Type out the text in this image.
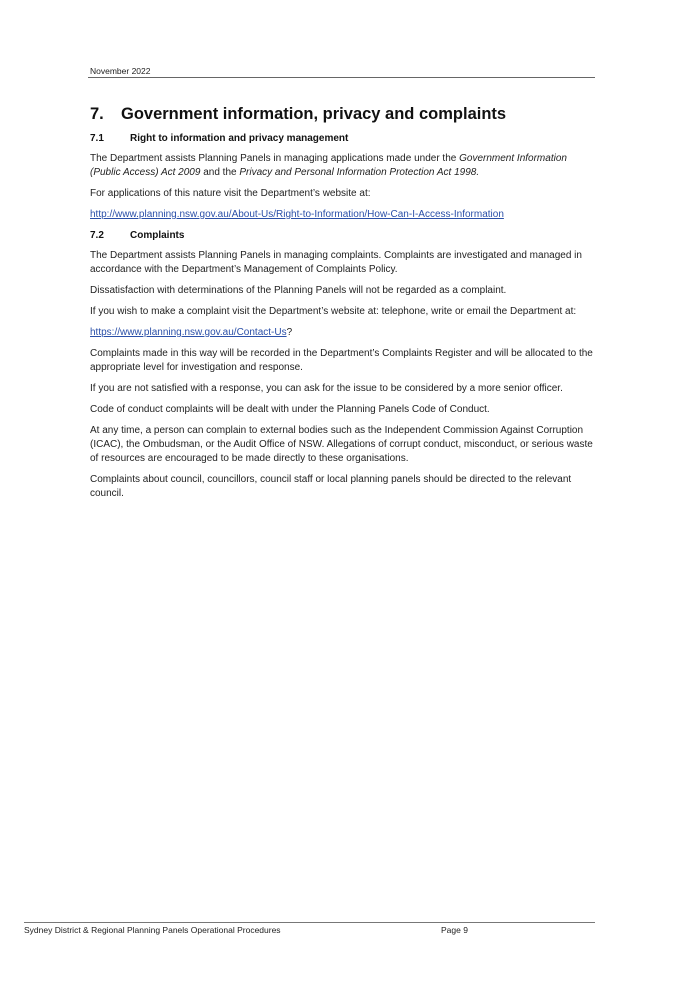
November 2022
7.	Government information, privacy and complaints
7.1	Right to information and privacy management

The Department assists Planning Panels in managing applications made under the Government Information (Public Access) Act 2009 and the Privacy and Personal Information Protection Act 1998.

For applications of this nature visit the Department’s website at:

http://www.planning.nsw.gov.au/About-Us/Right-to-Information/How-Can-I-Access-Information

7.2	Complaints

The Department assists Planning Panels in managing complaints. Complaints are investigated and managed in accordance with the Department’s Management of Complaints Policy.

Dissatisfaction with determinations of the Planning Panels will not be regarded as a complaint.

If you wish to make a complaint visit the Department’s website at: telephone, write or email the Department at:

https://www.planning.nsw.gov.au/Contact-Us?

Complaints made in this way will be recorded in the Department’s Complaints Register and will be allocated to the appropriate level for investigation and response.

If you are not satisfied with a response, you can ask for the issue to be considered by a more senior officer.

Code of conduct complaints will be dealt with under the Planning Panels Code of Conduct.

At any time, a person can complain to external bodies such as the Independent Commission Against Corruption (ICAC), the Ombudsman, or the Audit Office of NSW. Allegations of corrupt conduct, misconduct, or serious waste of resources are encouraged to be made directly to these organisations.

Complaints about council, councillors, council staff or local planning panels should be directed to the relevant council.

Sydney District & Regional Planning Panels Operational Procedures	Page 9
